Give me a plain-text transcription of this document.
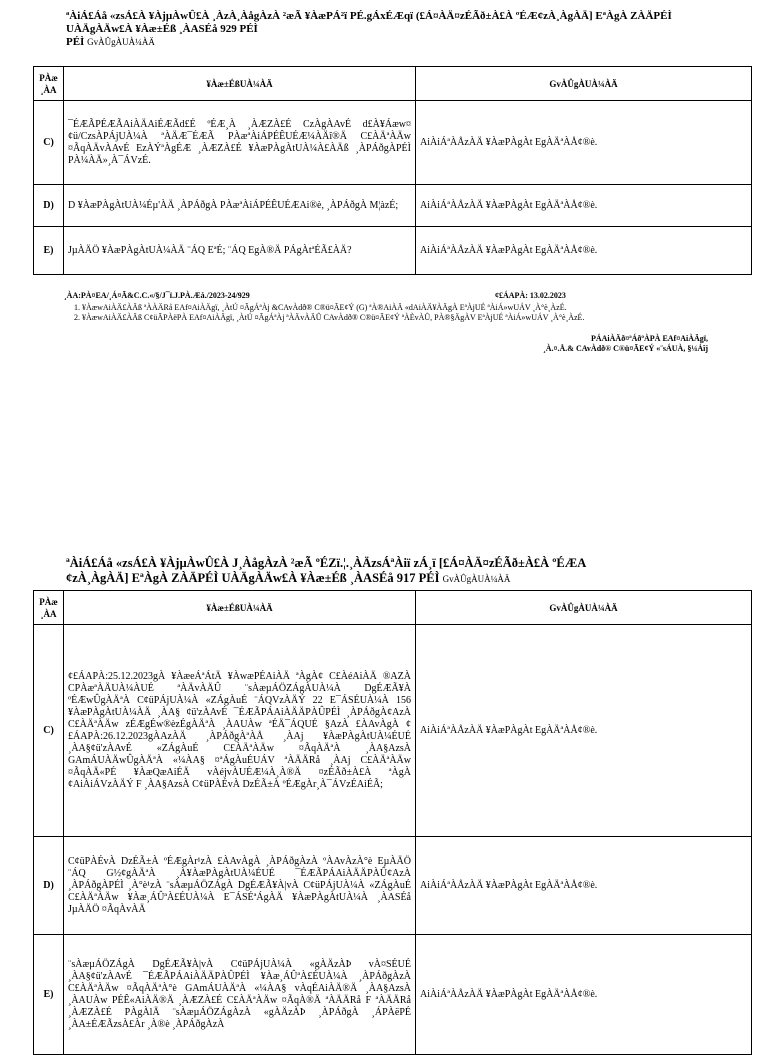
ªÀiÁ£Áå «zsÁ£À ¥ÀjµÀwÛ£À ¸ÀzÀ¸ÀågÀzÀ ²æÃ ¥ÀæPÁ²ï PÉ.gÁxÉÆqï (£Á¤ÀÄ¤zÉÃð±À£À ºÉÆ¢zÀ¸ÀgÀÄ] EªÀgÀ ZÀÄPÉÌ
UÀÄgÀÄw£À ¥Àæ±Éß ¸ÀASÉå 929 PÉÌ
PÉÌ GvÀÛgÀUÀ¼ÀÄ
PÀæ ¸ÀA	¥Àæ±ÉßUÀ¼ÀÄ	GvÀÛgÀUÀ¼ÀÄ
C)	¯ÉÆÃPÉÆÃAiÀÄAiÉÆÃd£É ºÉÆ¸À ¸ÀÆZÀ£É CzÀgÀAvÉ d£À¥Áæw¤¢ü/CzsÀPÁjUÀ¼À ªÀÄÆ¯ÉÆÃ PÀæªÀiÁPÉÊUÉÆ¼ÀÄî®Ä C£ÀÄªÀÄw ¤ÃqÀÄvÀAvÉ EzÀÝªÀgÉÆ ¸ÀÆZÀ£É ¥ÀæPÀgÀtUÀ¼À£ÀÄß ¸ÀPÁðgÀPÉÌ PÀ¼ÀÄ»¸À¯ÁVzÉ.	AiÀiÁªÀÅzÀÄ ¥ÀæPÀgÀt EgÀÄªÀÅ¢®è.
D)	D ¥ÀæPÀgÀtUÀ¼Éµ'ÀÄ ¸ÀPÁðgÀ PÀæªÀiÁPÉÊUÉÆAi®è, ¸ÀPÁðgÀ M¦àzÉ;	AiÀiÁªÀÅzÀÄ ¥ÀæPÀgÀt EgÀÄªÀÅ¢®è.
E)	JµÀÄÖ ¥ÀæPÀgÀtUÀ¼ÀÄ ¨ÁQ EªÉ; ¨ÁQ EgÀ®Ä PÁgÀtªÉÃ£ÀÄ?	AiÀiÁªÀÅzÀÄ ¥ÀæPÀgÀt EgÀÄªÀÅ¢®è.
¸ÀA:PÀ¤EA/¸Á¤Ã&C.C.«/§/J¯ï.J.PÀ.Æå./2023-24/929	¢£ÁAPÀ: 13.02.2023
1. ¥ÀæwAiÀÄ£ÀÄß ªÀÀÄRå EAf¤AiÀÄgï, ¸ÀtÚ ¤ÃgÁªÀj &CAvÀdð® C®ü¤ÃE¢Ý (G) ªÀ®AiÀÄ «dAiÀÄ¥ÀÄgÀ EªÀjUÉ ªÀiÁ»wUÁV ¸À°è¸ÀzÉ.
2. ¥ÀæwAiÀÄ£ÀÄß C¢üÃPÀëPÀ EAf¤AiÀÄgï, ¸ÀtÚ ¤ÃgÁªÀj ªÀÄvÀÄÛ CAvÀdð® C®ü¤ÃE¢Ý ªÀÈvÀÛ, PÀ®§ÄgÀV EªÀjUÉ ªÀiÁ»wUÁV ¸À°è¸ÀzÉ.
PÁAiÀÄð¤ªÁðºÀPÀ EAf¤AiÀÄgï,
¸À.¤.Å.& CAvÀdð® C®ü¤ÃE¢Ý «¨sÁUÀ, §¼Áîj
ªÀiÁ£Áå «zsÁ£À ¥ÀjµÀwÛ£À J¸ÀågÀzÀ ²æÃ ºÉZï.¦.¸ÀÄzsÁªÀiï zÁ¸ï [£Á¤ÀÄ¤zÉÃð±À£À ºÉÆA
¢zÀ¸ÀgÀÄ] EªÀgÀ ZÀÄPÉÌ UÀÄgÀÄw£À ¥Àæ±Éß ¸ÀASÉå 917 PÉÌ GvÀÛgÀUÀ¼ÀÄ
PÀæ ¸ÀA	¥Àæ±ÉßUÀ¼ÀÄ	GvÀÛgÀUÀ¼ÀÄ
C)	¢£ÁAPÀ:25.12.2023gÀ ¥ÀæeÁªÁtÄ ¥ÀwæPÉAiÀÄ ªÀgÀ¢ C£ÀéAiÀÄ ®AZÀ CPÀæªÀÄUÀ¼ÀUÉ ªÀÄvÀÄÛ ¨sÀæµÁÖZÁgÀUÀ¼À DgÉÆÃ¥À ºÉÆwÛgÀÄªÀ C¢üPÁjUÀ¼À «ZÁgÀuÉ ¨ÁQVzÀÄÝ 22 E¯ÁSÉUÀ¼À 156 ¥ÀæPÀgÀtUÀ¼ÀÄ ¸ÀA§ ¢ü'zÀAvÉ ¯ÉÆÃPÁAiÀÄÄPÀÛPÉÌ ¸ÀPÁðgÀ¢AzÀ C£ÀÄªÀÄw zÉÆgÉw®èzÉgÀÄªÀ ¸ÀAUÀw ªÉÄ¯ÁQUÉ §AzÀ £ÀAvÀgÀ ¢£ÁAPÀ:26.12.2023gÀAzÀÄ ¸ÀPÁðgÀªÀÅ ¸ÀAj ¥ÀæPÀgÀtUÀ¼ÉUÉ ¸ÀA§¢ü'zÀAvÉ «ZÁgÀuÉ C£ÀÄªÀÄw ¤ÃqÀÄªÀ ¸ÀA§AzsÀ GAmÁUÀÄwÛgÀÄªÀ «¼ÀA§ ¤ªÁgÀuÉUÁV ªÀÄÄRå ¸ÀAj C£ÀÄªÀÄw ¤ÃqÀÄ«PÉ ¥ÀæQæAiÉÄ vÀéjvÀUÉÆ¼À¸À®Ä ¤zÉÃð±À£À ªÀgÀ ¢AiÀiÁVzÀÄÝ F ¸ÀA§AzsÀ C¢üPÀÉvÀ DzÉÃ±À ºÉÆgÀr¸À¯ÁVzÉAiÉÃ;	AiÀiÁªÀÅzÀÄ ¥ÀæPÀgÀt EgÀÄªÀÅ¢®è.
D)	C¢üPÀÉvÀ DzÉÃ±À ºÉÆgÀr¹zÀ £ÀAvÀgÀ ¸ÀPÁðgÀzÀ ºÀAvÀzÀ°è EµÀÄÖ ¨ÁQ G½¢gÀÄªÀ ¸À¥ÀæPÀgÀtUÀ¼ÉUÉ ¯ÉÆÃPÁAiÀÄÄPÀÛ¢AzÀ ¸ÀPÁðgÀPÉÌ ¸À°è¹zÀ ¨sÀæµÁÖZÁgÀ DgÉÆÃ¥À|vÀ C¢üPÁjUÀ¼À «ZÁgÀuÉ C£ÀÄªÀÄw ¥Àæ¸ÁÛªÀ£ÉUÀ¼À E¯ÁSÉªÁgÀÄ ¥ÀæPÀgÀtUÀ¼À ¸ÀASÉå JµÀÄÖ ¤ÃqÀvÀÄ	AiÀiÁªÀÅzÀÄ ¥ÀæPÀgÀt EgÀÄªÀÅ¢®è.
E)	¨sÀæµÁÖZÁgÀ DgÉÆÃ¥À|vÀ C¢üPÁjUÀ¼À «gÀÄzÀÞ vÀ¤SÉUÉ ¸ÀA§¢ü'zÀAvÉ ¯ÉÆÃPÁAiÀÄÄPÀÛPÉÌ ¥Àæ¸ÁÛªÀ£ÉUÀ¼À ¸ÀPÁðgÀzÀ C£ÀÄªÀÄw ¤ÃqÀÄªÀ°è GAmÁUÀÄªÀ «¼ÀA§ vÀqÉAiÀÄ®Ä ¸ÀA§AzsÀ ¸ÀAUÀw PÉÊ«AiÀÄ®Ä ¸ÀÆZÀ£É C£ÀÄªÀÄw ¤ÃqÀ®Ä ªÀÄÄRå F ªÀÄÄRå ¸ÀÆZÀ£É PÀgÀlÄ ¨sÀæµÁÖZÁgÀzÀ «gÀÄzÀÞ ¸ÀPÁðgÀ ¸ÁPÀëPÉ ¸ÀA±ÉÆÃzsÀ£Àr ¸À®è ¸ÀPÁðgÀzÀ	AiÀiÁªÀÅzÀÄ ¥ÀæPÀgÀt EgÀÄªÀÅ¢®è.
